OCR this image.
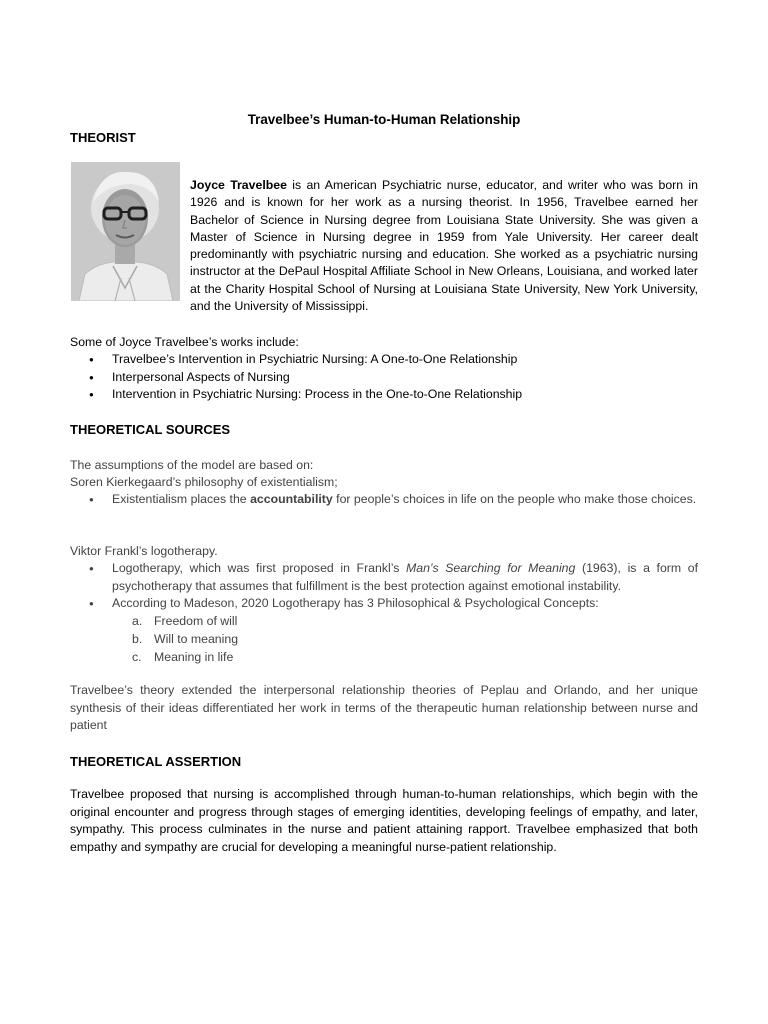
Travelbee’s Human-to-Human Relationship
THEORIST

Joyce Travelbee is an American Psychiatric nurse, educator, and writer who was born in 1926 and is known for her work as a nursing theorist. In 1956, Travelbee earned her Bachelor of Science in Nursing degree from Louisiana State University. She was given a Master of Science in Nursing degree in 1959 from Yale University. Her career dealt predominantly with psychiatric nursing and education. She worked as a psychiatric nursing instructor at the DePaul Hospital Affiliate School in New Orleans, Louisiana, and worked later at the Charity Hospital School of Nursing at Louisiana State University, New York University, and the University of Mississippi.

Some of Joyce Travelbee’s works include:

● Travelbee’s Intervention in Psychiatric Nursing: A One-to-One Relationship
● Interpersonal Aspects of Nursing
● Intervention in Psychiatric Nursing: Process in the One-to-One Relationship
THEORETICAL SOURCES

The assumptions of the model are based on:

Soren Kierkegaard’s philosophy of existentialism;

● Existentialism places the accountability for people’s choices in life on the people who make those choices.

Viktor Frankl’s logotherapy.

● Logotherapy, which was first proposed in Frankl’s Man’s Searching for Meaning (1963), is a form of psychotherapy that assumes that fulfillment is the best protection against emotional instability.
● According to Madeson, 2020 Logotherapy has 3 Philosophical & Psychological Concepts:
a. Freedom of will
b. Will to meaning
c. Meaning in life

Travelbee’s theory extended the interpersonal relationship theories of Peplau and Orlando, and her unique synthesis of their ideas differentiated her work in terms of the therapeutic human relationship between nurse and patient

THEORETICAL ASSERTION

Travelbee proposed that nursing is accomplished through human-to-human relationships, which begin with the original encounter and progress through stages of emerging identities, developing feelings of empathy, and later, sympathy. This process culminates in the nurse and patient attaining rapport. Travelbee emphasized that both empathy and sympathy are crucial for developing a meaningful nurse-patient relationship.
